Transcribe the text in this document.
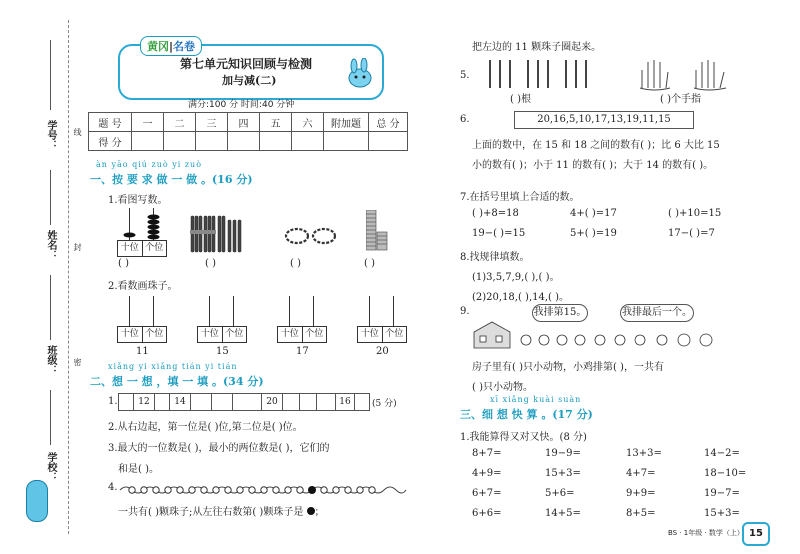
学号：
姓名：
班级：
学校：
线
封
密
黄冈|名卷
第七单元知识回顾与检测
加与减(二)
满分:100 分 时间:40 分钟
题 号	一	二	三	四	五	六	附加题	总 分
得 分								
àn yāo qiú zuò yi zuò
一、按 要 求 做 一 做 。(16 分)
1.看图写数。
十位 个位
( )	( )	( )	( )
2.看数画珠子。
十位 个位	十位 个位	十位 个位	十位 个位
11	15	17	20
xiǎng yi xiǎng tián yi tián
二、想 一 想 ，填 一 填 。(34 分)
1.	12	14	20	16	(5 分)
2.从右边起，第一位是( )位,第二位是( )位。
3.最大的一位数是( )，最小的两位数是( )，它们的
和是( )。
4.
一共有( )颗珠子;从左往右数第( )颗珠子是 ；
把左边的 11 颗珠子圈起来。
5.
( )根	( )个手指
6.	20,16,5,10,17,13,19,11,15
上面的数中，在 15 和 18 之间的数有( )；比 6 大比 15
小的数有( )；小于 11 的数有( )；大于 14 的数有( )。
7.在括号里填上合适的数。
( )+8=18	4+( )=17	( )+10=15
19−( )=15	5+( )=19	17−( )=7
8.找规律填数。
(1)3,5,7,9,( ),( )。
(2)20,18,( ),14,( )。
9.	我排第15。	我排最后一个。
房子里有( )只小动物，小鸡排第( )，一共有
( )只小动物。
xī xiǎng kuài suàn
三、细 想 快 算 。(17 分)
1.我能算得又对又快。(8 分)
8+7=	19−9=	13+3=	14−2=
4+9=	15+3=	4+7=	18−10=
6+7=	5+6=	9+9=	19−7=
6+6=	14+5=	8+5=	15+3=
BS · 1年级 · 数学（上） 15
